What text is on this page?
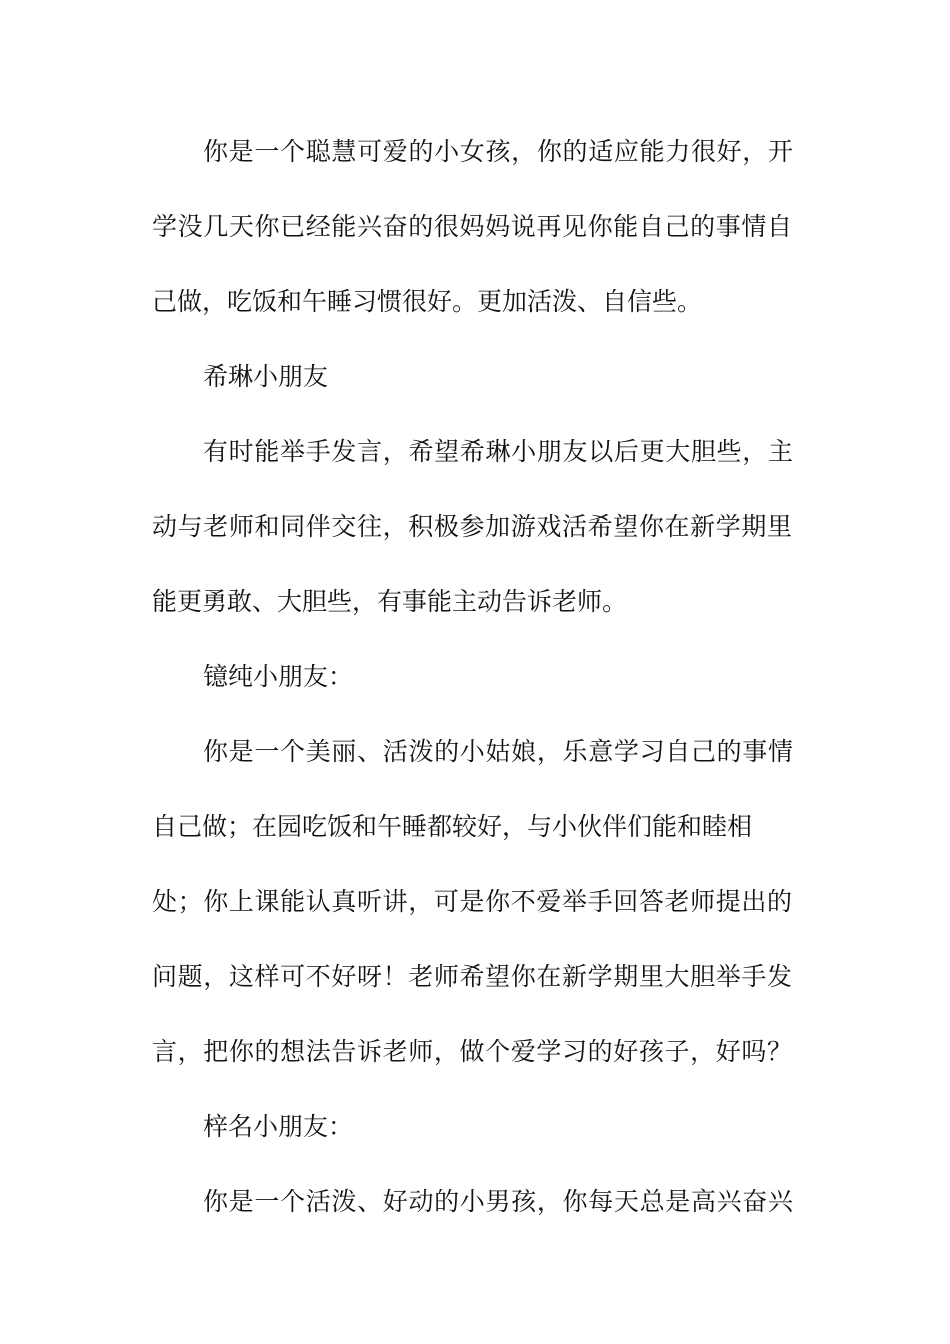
你是一个聪慧可爱的小女孩，你的适应能力很好，开
学没几天你已经能兴奋的很妈妈说再见你能自己的事情自
己做，吃饭和午睡习惯很好。更加活泼、自信些。
希琳小朋友
有时能举手发言，希望希琳小朋友以后更大胆些，主
动与老师和同伴交往，积极参加游戏活希望你在新学期里
能更勇敢、大胆些，有事能主动告诉老师。
镱纯小朋友：
你是一个美丽、活泼的小姑娘，乐意学习自己的事情
自己做；在园吃饭和午睡都较好，与小伙伴们能和睦相
处；你上课能认真听讲，可是你不爱举手回答老师提出的
问题，这样可不好呀！老师希望你在新学期里大胆举手发
言，把你的想法告诉老师，做个爱学习的好孩子，好吗？
梓名小朋友：
你是一个活泼、好动的小男孩，你每天总是高兴奋兴
